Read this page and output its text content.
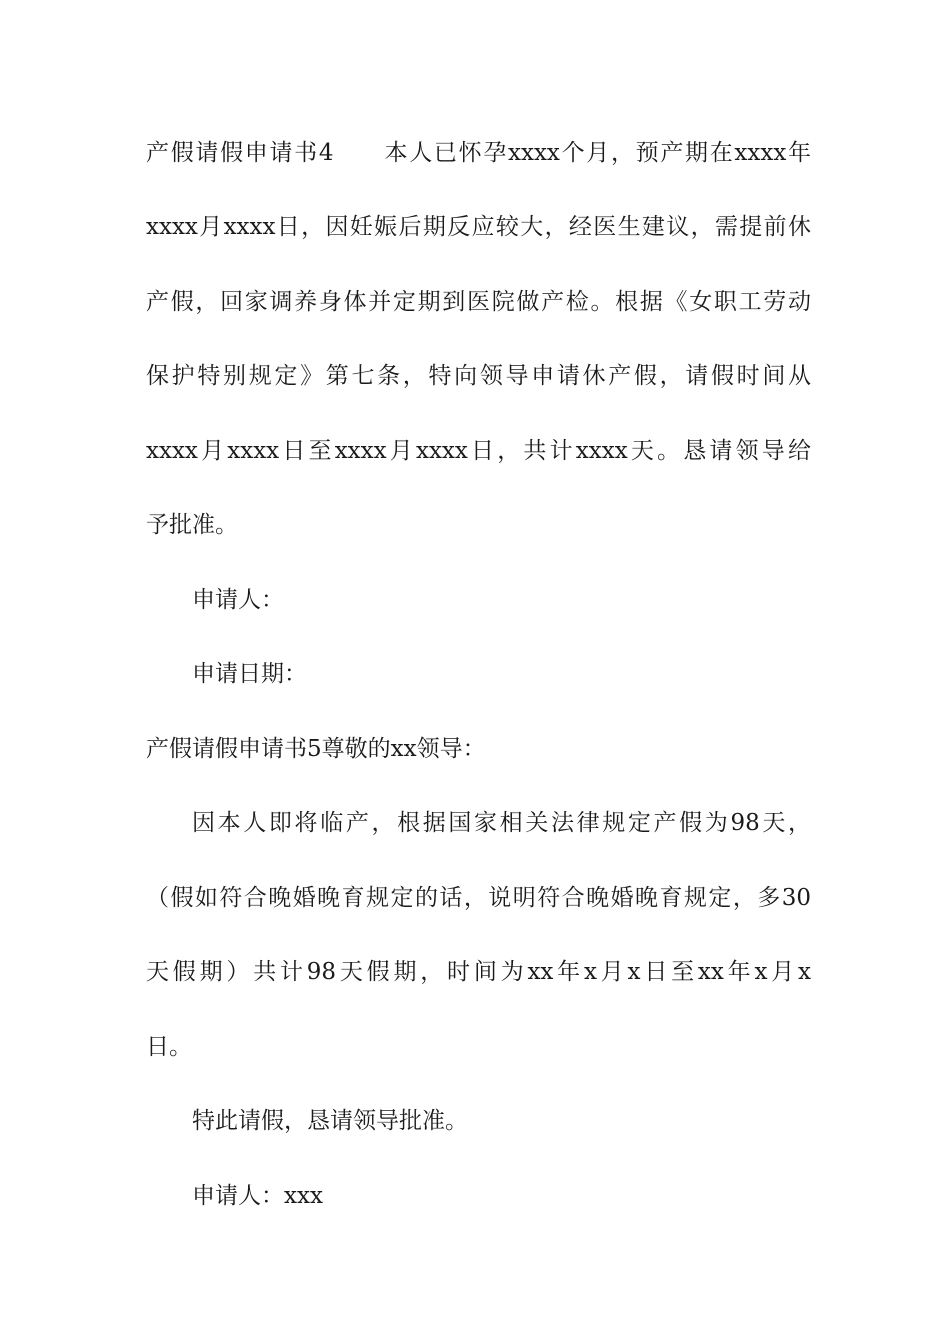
产假请假申请书4　　本人已怀孕xxxx个月，预产期在xxxx年
xxxx月xxxx日，因妊娠后期反应较大，经医生建议，需提前休
产假，回家调养身体并定期到医院做产检。根据《女职工劳动
保护特别规定》第七条，特向领导申请休产假，请假时间从
xxxx月xxxx日至xxxx月xxxx日，共计xxxx天。恳请领导给
予批准。
申请人：
申请日期：
产假请假申请书5尊敬的xx领导：
因本人即将临产，根据国家相关法律规定产假为98天，
（假如符合晚婚晚育规定的话，说明符合晚婚晚育规定，多30
天假期）共计98天假期，时间为xx年x月x日至xx年x月x
日。
特此请假，恳请领导批准。
申请人：xxx
